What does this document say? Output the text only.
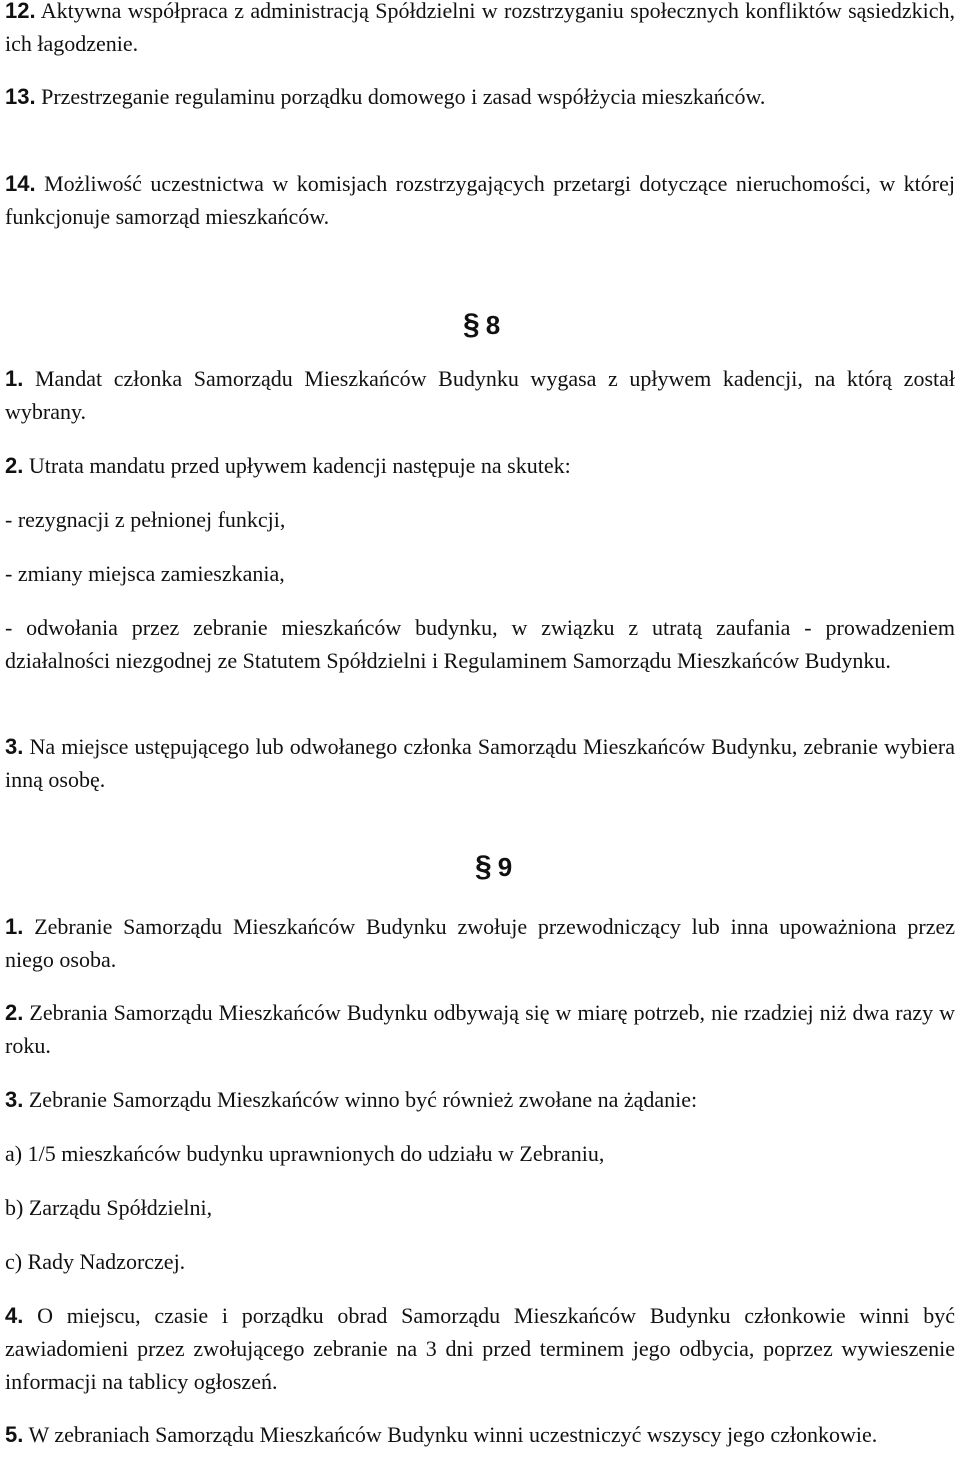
12. Aktywna współpraca z administracją Spółdzielni w rozstrzyganiu społecznych konfliktów sąsiedzkich, ich łagodzenie.

13. Przestrzeganie regulaminu porządku domowego i zasad współżycia mieszkańców.

14. Możliwość uczestnictwa w komisjach rozstrzygających przetargi dotyczące nieruchomości, w której funkcjonuje samorząd mieszkańców.

§ 8

1. Mandat członka Samorządu Mieszkańców Budynku wygasa z upływem kadencji, na którą został wybrany.

2. Utrata mandatu przed upływem kadencji następuje na skutek:

- rezygnacji z pełnionej funkcji,

- zmiany miejsca zamieszkania,

- odwołania przez zebranie mieszkańców budynku, w związku z utratą zaufania - prowadzeniem działalności niezgodnej ze Statutem Spółdzielni i Regulaminem Samorządu Mieszkańców Budynku.

3. Na miejsce ustępującego lub odwołanego członka Samorządu Mieszkańców Budynku, zebranie wybiera inną osobę.

§ 9

1. Zebranie Samorządu Mieszkańców Budynku zwołuje przewodniczący lub inna upoważniona przez niego osoba.

2. Zebrania Samorządu Mieszkańców Budynku odbywają się w miarę potrzeb, nie rzadziej niż dwa razy w roku.

3. Zebranie Samorządu Mieszkańców winno być również zwołane na żądanie:

a) 1/5 mieszkańców budynku uprawnionych do udziału w Zebraniu,

b) Zarządu Spółdzielni,

c) Rady Nadzorczej.

4. O miejscu, czasie i porządku obrad Samorządu Mieszkańców Budynku członkowie winni być zawiadomieni przez zwołującego zebranie na 3 dni przed terminem jego odbycia, poprzez wywieszenie informacji na tablicy ogłoszeń.

5. W zebraniach Samorządu Mieszkańców Budynku winni uczestniczyć wszyscy jego członkowie.
